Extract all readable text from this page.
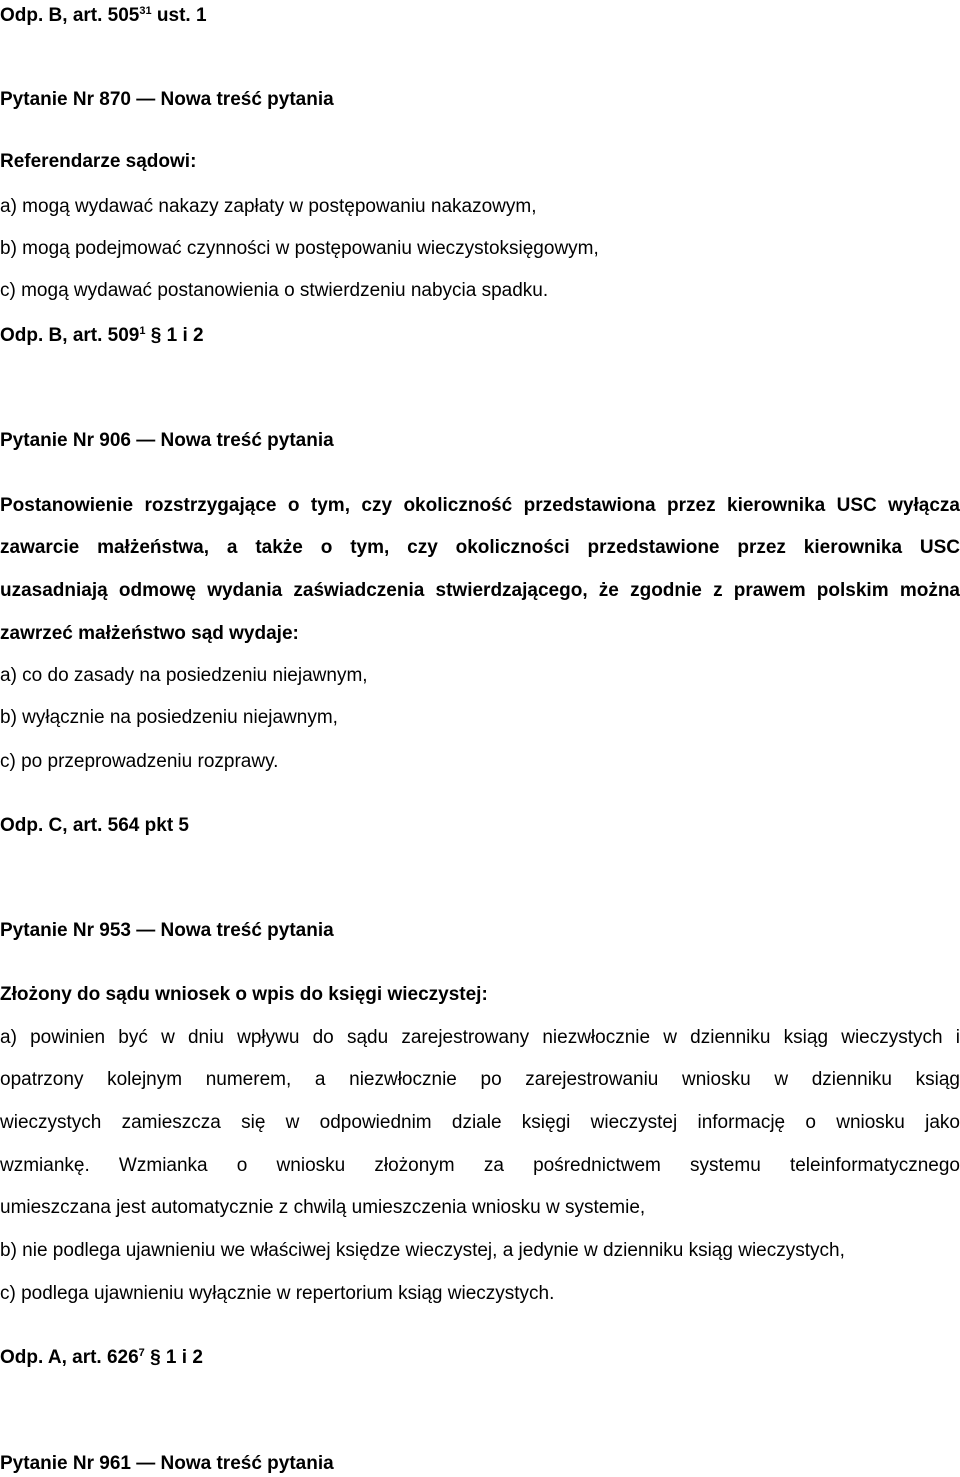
Odp. B, art. $505^{31}$ ust. 1
Pytanie Nr 870 — Nowa treść pytania
Referendarze sądowi:
a) mogą wydawać nakazy zapłaty w postępowaniu nakazowym,
b) mogą podejmować czynności w postępowaniu wieczystoksięgowym,
c) mogą wydawać postanowienia o stwierdzeniu nabycia spadku.
Odp. B, art. $509^1$ § 1 i 2
Pytanie Nr 906 — Nowa treść pytania
Postanowienie rozstrzygające o tym, czy okoliczność przedstawiona przez kierownika USC wyłącza
zawarcie małżeństwa, a także o tym, czy okoliczności przedstawione przez kierownika USC
uzasadniają odmowę wydania zaświadczenia stwierdzającego, że zgodnie z prawem polskim można
zawrzeć małżeństwo sąd wydaje:
a) co do zasady na posiedzeniu niejawnym,
b) wyłącznie na posiedzeniu niejawnym,
c) po przeprowadzeniu rozprawy.
Odp. C, art. 564 pkt 5
Pytanie Nr 953 — Nowa treść pytania
Złożony do sądu wniosek o wpis do księgi wieczystej:
a) powinien być w dniu wpływu do sądu zarejestrowany niezwłocznie w dzienniku ksiąg wieczystych i
opatrzony kolejnym numerem, a niezwłocznie po zarejestrowaniu wniosku w dzienniku ksiąg
wieczystych zamieszcza się w odpowiednim dziale księgi wieczystej informację o wniosku jako
wzmiankę. Wzmianka o wniosku złożonym za pośrednictwem systemu teleinformatycznego
umieszczana jest automatycznie z chwilą umieszczenia wniosku w systemie,
b) nie podlega ujawnieniu we właściwej księdze wieczystej, a jedynie w dzienniku ksiąg wieczystych,
c) podlega ujawnieniu wyłącznie w repertorium ksiąg wieczystych.
Odp. A, art. $626^7$ § 1 i 2
Pytanie Nr 961 — Nowa treść pytania
